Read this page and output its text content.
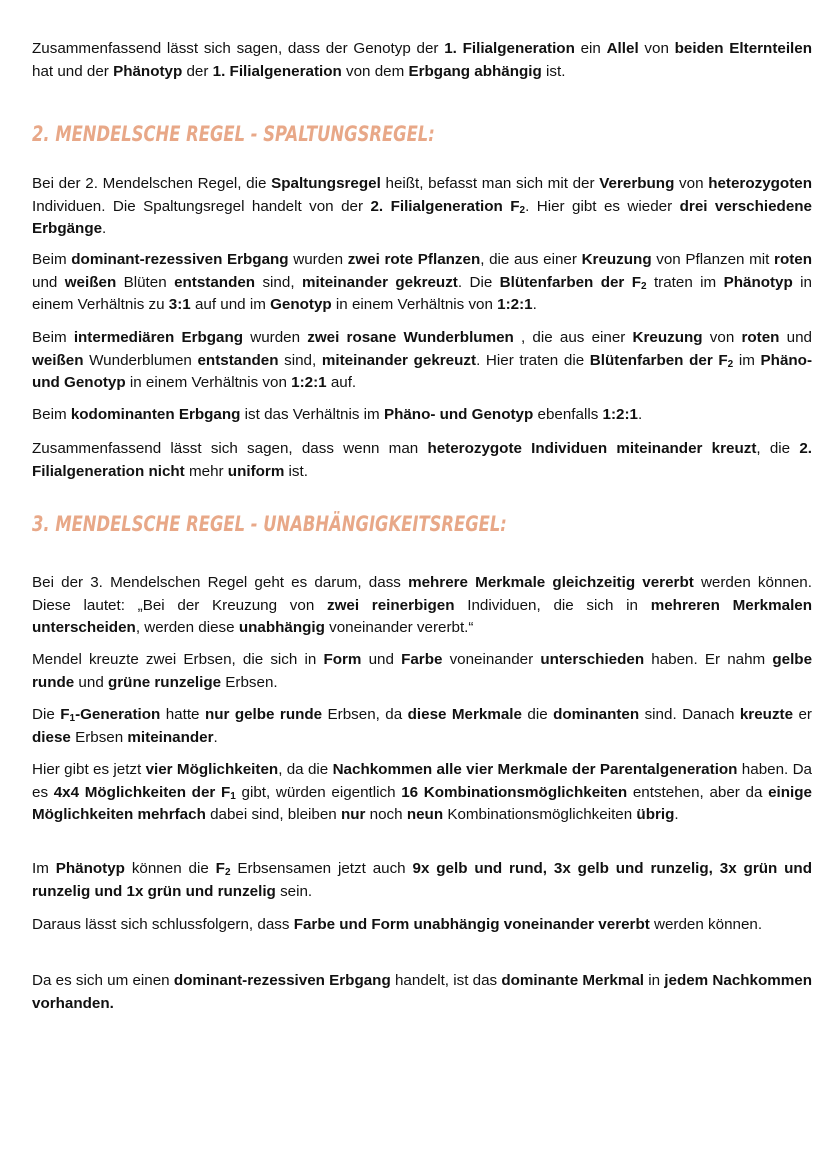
Zusammenfassend lässt sich sagen, dass der Genotyp der 1. Filialgeneration ein Allel von beiden Elternteilen hat und der Phänotyp der 1. Filialgeneration von dem Erbgang abhängig ist.

2. MENDELSCHE REGEL - SPALTUNGSREGEL:

Bei der 2. Mendelschen Regel, die Spaltungsregel heißt, befasst man sich mit der Vererbung von heterozygoten Individuen. Die Spaltungsregel handelt von der 2. Filialgeneration $F_2$. Hier gibt es wieder drei verschiedene Erbgänge.

Beim dominant-rezessiven Erbgang wurden zwei rote Pflanzen, die aus einer Kreuzung von Pflanzen mit roten und weißen Blüten entstanden sind, miteinander gekreuzt. Die Blütenfarben der $F_2$ traten im Phänotyp in einem Verhältnis zu 3:1 auf und im Genotyp in einem Verhältnis von 1:2:1.

Beim intermediären Erbgang wurden zwei rosane Wunderblumen , die aus einer Kreuzung von roten und weißen Wunderblumen entstanden sind, miteinander gekreuzt. Hier traten die Blütenfarben der $F_2$ im Phäno- und Genotyp in einem Verhältnis von 1:2:1 auf.

Beim kodominanten Erbgang ist das Verhältnis im Phäno- und Genotyp ebenfalls 1:2:1.

Zusammenfassend lässt sich sagen, dass wenn man heterozygote Individuen miteinander kreuzt, die 2. Filialgeneration nicht mehr uniform ist.

3. MENDELSCHE REGEL - UNABHÄNGIGKEITSREGEL:

Bei der 3. Mendelschen Regel geht es darum, dass mehrere Merkmale gleichzeitig vererbt werden können. Diese lautet: „Bei der Kreuzung von zwei reinerbigen Individuen, die sich in mehreren Merkmalen unterscheiden, werden diese unabhängig voneinander vererbt.“

Mendel kreuzte zwei Erbsen, die sich in Form und Farbe voneinander unterschieden haben. Er nahm gelbe runde und grüne runzelige Erbsen.

Die $F_1$-Generation hatte nur gelbe runde Erbsen, da diese Merkmale die dominanten sind. Danach kreuzte er diese Erbsen miteinander.

Hier gibt es jetzt vier Möglichkeiten, da die Nachkommen alle vier Merkmale der Parentalgeneration haben. Da es 4x4 Möglichkeiten der $F_1$ gibt, würden eigentlich 16 Kombinationsmöglichkeiten entstehen, aber da einige Möglichkeiten mehrfach dabei sind, bleiben nur noch neun Kombinationsmöglichkeiten übrig.

Im Phänotyp können die $F_2$ Erbsensamen jetzt auch 9x gelb und rund, 3x gelb und runzelig, 3x grün und runzelig und 1x grün und runzelig sein.

Daraus lässt sich schlussfolgern, dass Farbe und Form unabhängig voneinander vererbt werden können.

Da es sich um einen dominant-rezessiven Erbgang handelt, ist das dominante Merkmal in jedem Nachkommen vorhanden.
